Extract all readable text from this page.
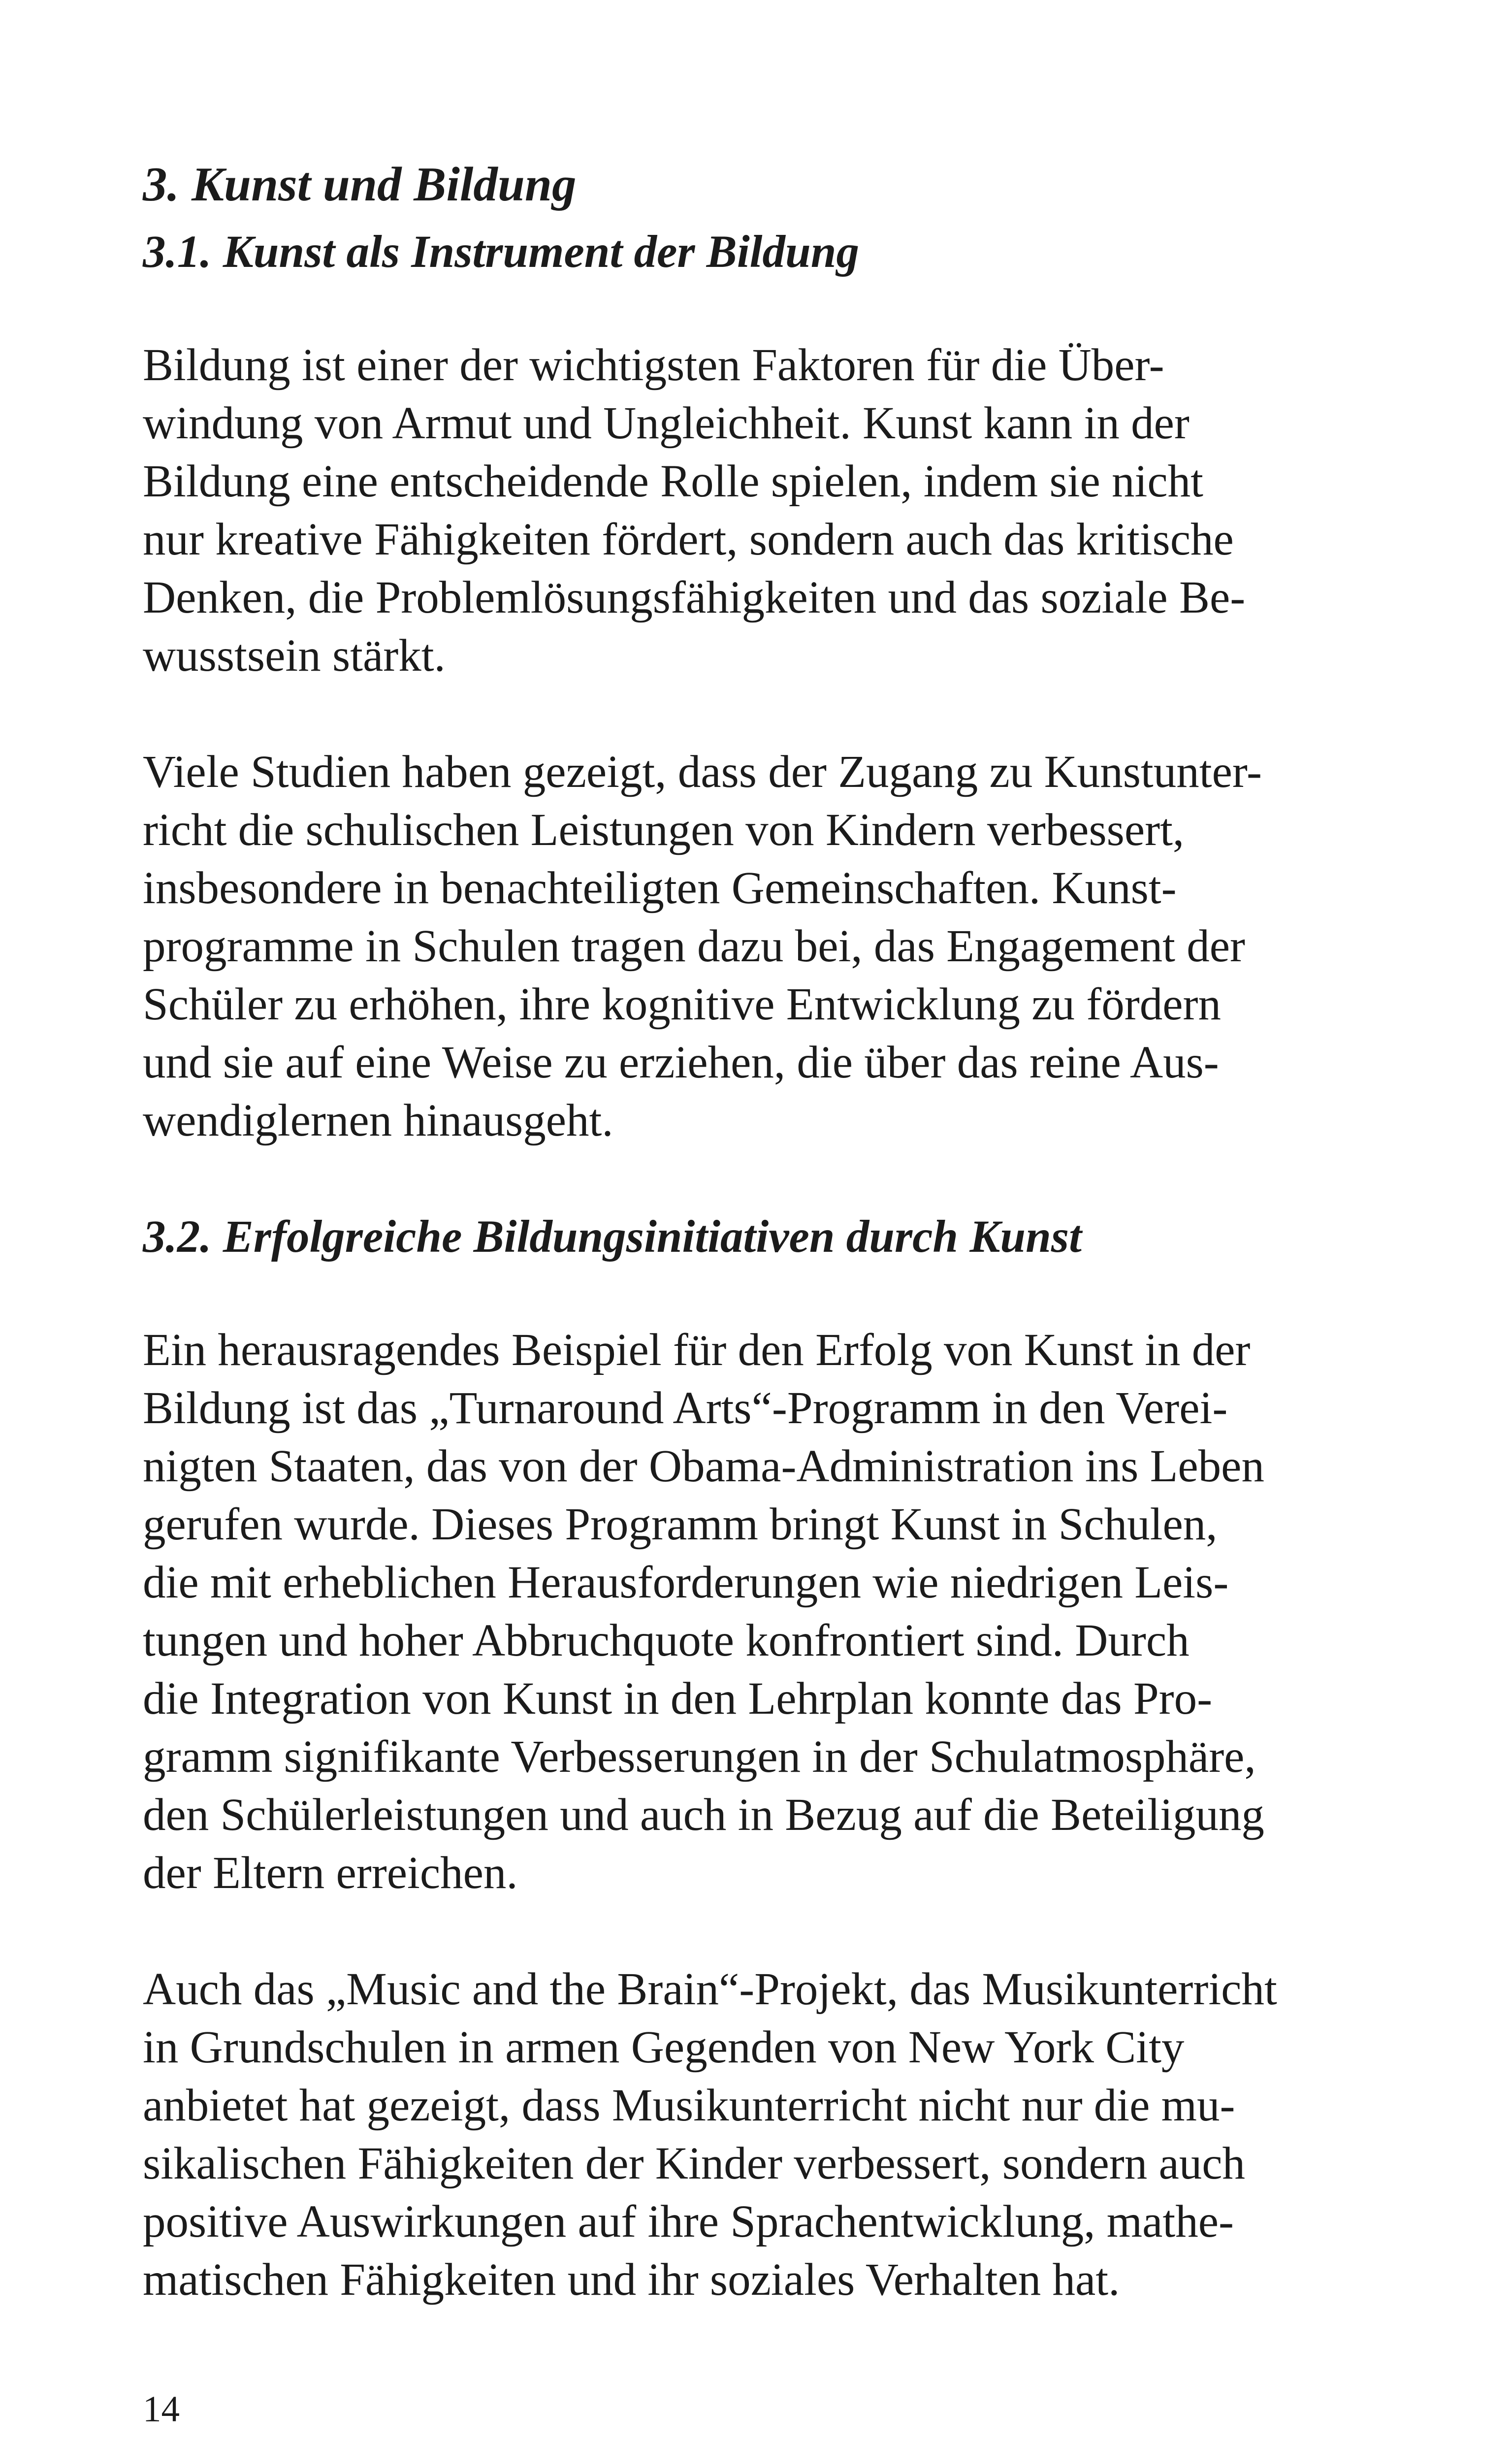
3. Kunst und Bildung
3.1. Kunst als Instrument der Bildung

Bildung ist einer der wichtigsten Faktoren für die Über-

windung von Armut und Ungleichheit. Kunst kann in der

Bildung eine entscheidende Rolle spielen, indem sie nicht

nur kreative Fähigkeiten fördert, sondern auch das kritische

Denken, die Problemlösungsfähigkeiten und das soziale Be-

wusstsein stärkt.

Viele Studien haben gezeigt, dass der Zugang zu Kunstunter-

richt die schulischen Leistungen von Kindern verbessert,

insbesondere in benachteiligten Gemeinschaften. Kunst-

programme in Schulen tragen dazu bei, das Engagement der

Schüler zu erhöhen, ihre kognitive Entwicklung zu fördern

und sie auf eine Weise zu erziehen, die über das reine Aus-

wendiglernen hinausgeht.

3.2. Erfolgreiche Bildungsinitiativen durch Kunst

Ein herausragendes Beispiel für den Erfolg von Kunst in der

Bildung ist das „Turnaround Arts“-Programm in den Verei-

nigten Staaten, das von der Obama-Administration ins Leben

gerufen wurde. Dieses Programm bringt Kunst in Schulen,

die mit erheblichen Herausforderungen wie niedrigen Leis-

tungen und hoher Abbruchquote konfrontiert sind. Durch

die Integration von Kunst in den Lehrplan konnte das Pro-

gramm signifikante Verbesserungen in der Schulatmosphäre,

den Schülerleistungen und auch in Bezug auf die Beteiligung

der Eltern erreichen.

Auch das „Music and the Brain“-Projekt, das Musikunterricht

in Grundschulen in armen Gegenden von New York City

anbietet hat gezeigt, dass Musikunterricht nicht nur die mu-

sikalischen Fähigkeiten der Kinder verbessert, sondern auch

positive Auswirkungen auf ihre Sprachentwicklung, mathe-

matischen Fähigkeiten und ihr soziales Verhalten hat.

14
